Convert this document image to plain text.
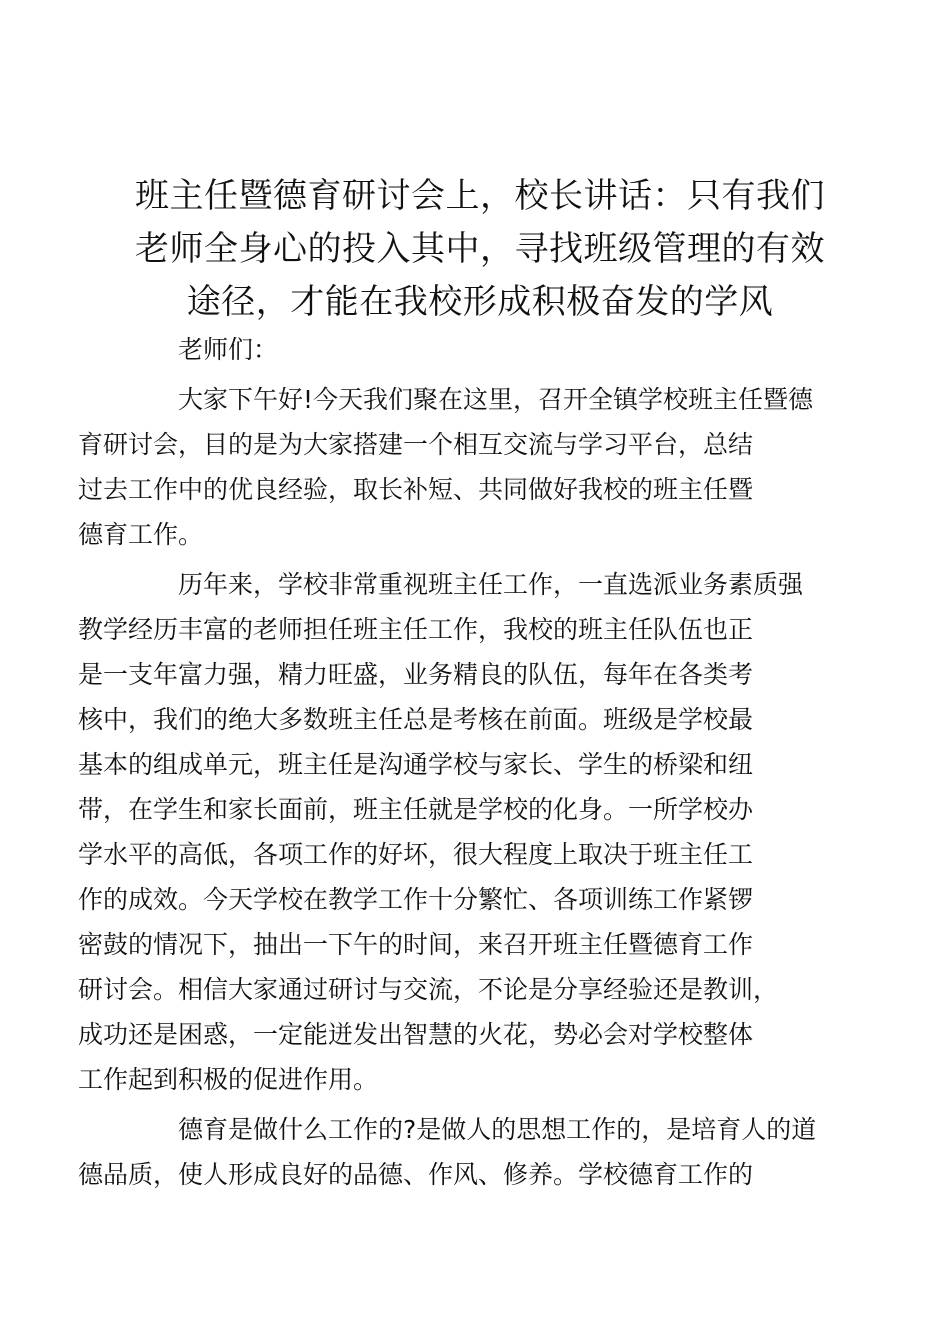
班主任暨德育研讨会上，校长讲话：只有我们
老师全身心的投入其中，寻找班级管理的有效
途径，才能在我校形成积极奋发的学风

老师们：

大家下午好!今天我们聚在这里，召开全镇学校班主任暨德
育研讨会，目的是为大家搭建一个相互交流与学习平台，总结
过去工作中的优良经验，取长补短、共同做好我校的班主任暨
德育工作。

历年来，学校非常重视班主任工作，一直选派业务素质强
教学经历丰富的老师担任班主任工作，我校的班主任队伍也正
是一支年富力强，精力旺盛，业务精良的队伍，每年在各类考
核中，我们的绝大多数班主任总是考核在前面。班级是学校最
基本的组成单元，班主任是沟通学校与家长、学生的桥梁和纽
带，在学生和家长面前，班主任就是学校的化身。一所学校办
学水平的高低，各项工作的好坏，很大程度上取决于班主任工
作的成效。今天学校在教学工作十分繁忙、各项训练工作紧锣
密鼓的情况下，抽出一下午的时间，来召开班主任暨德育工作
研讨会。相信大家通过研讨与交流，不论是分享经验还是教训，
成功还是困惑，一定能迸发出智慧的火花，势必会对学校整体
工作起到积极的促进作用。

德育是做什么工作的?是做人的思想工作的，是培育人的道
德品质，使人形成良好的品德、作风、修养。学校德育工作的
